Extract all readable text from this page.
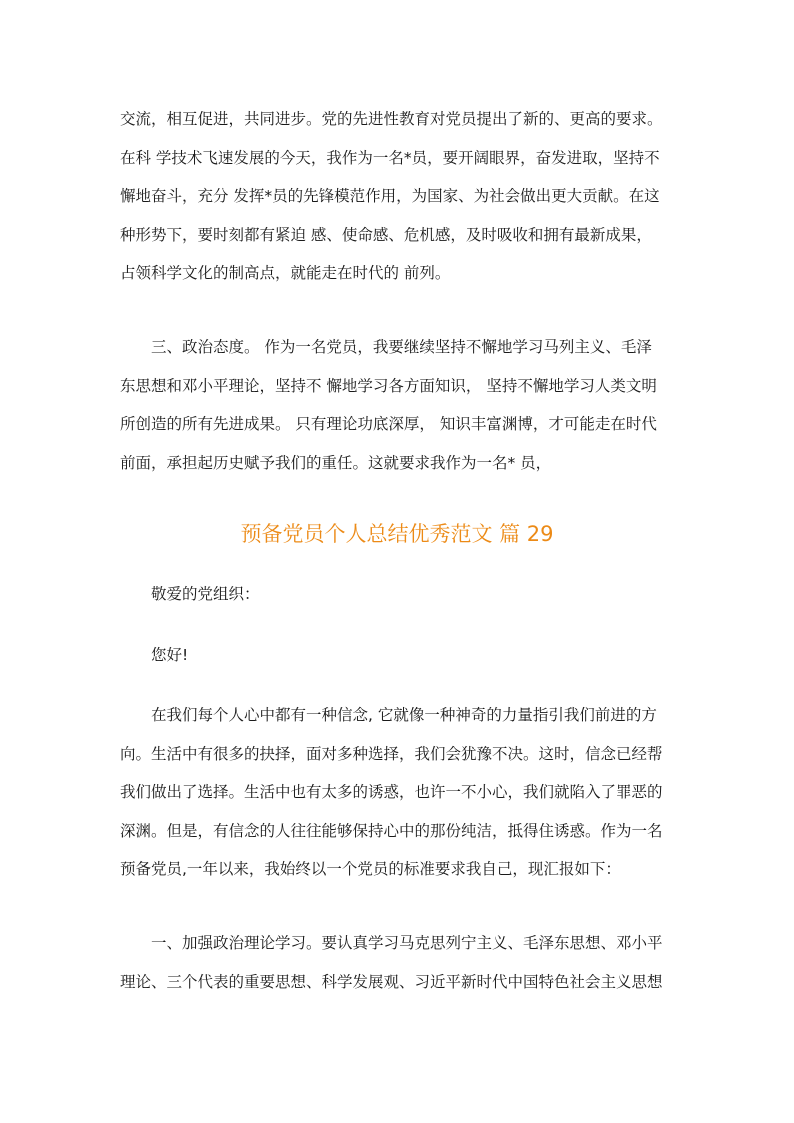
交流，相互促进，共同进步。党的先进性教育对党员提出了新的、更高的要求。
在科 学技术飞速发展的今天，我作为一名*员，要开阔眼界，奋发进取，坚持不
懈地奋斗，充分 发挥*员的先锋模范作用，为国家、为社会做出更大贡献。在这
种形势下，要时刻都有紧迫 感、使命感、危机感，及时吸收和拥有最新成果，
占领科学文化的制高点，就能走在时代的 前列。
三、政治态度。 作为一名党员，我要继续坚持不懈地学习马列主义、毛泽
东思想和邓小平理论，坚持不 懈地学习各方面知识， 坚持不懈地学习人类文明
所创造的所有先进成果。 只有理论功底深厚， 知识丰富渊博，才可能走在时代
前面，承担起历史赋予我们的重任。这就要求我作为一名* 员，
预备党员个人总结优秀范文 篇 29

敬爱的党组织：

您好!

在我们每个人心中都有一种信念, 它就像一种神奇的力量指引我们前进的方
向。生活中有很多的抉择，面对多种选择，我们会犹豫不决。这时，信念已经帮
我们做出了选择。生活中也有太多的诱惑，也许一不小心，我们就陷入了罪恶的
深渊。但是，有信念的人往往能够保持心中的那份纯洁，抵得住诱惑。作为一名
预备党员,一年以来，我始终以一个党员的标准要求我自己，现汇报如下：
一、加强政治理论学习。要认真学习马克思列宁主义、毛泽东思想、邓小平
理论、三个代表的重要思想、科学发展观、习近平新时代中国特色社会主义思想
